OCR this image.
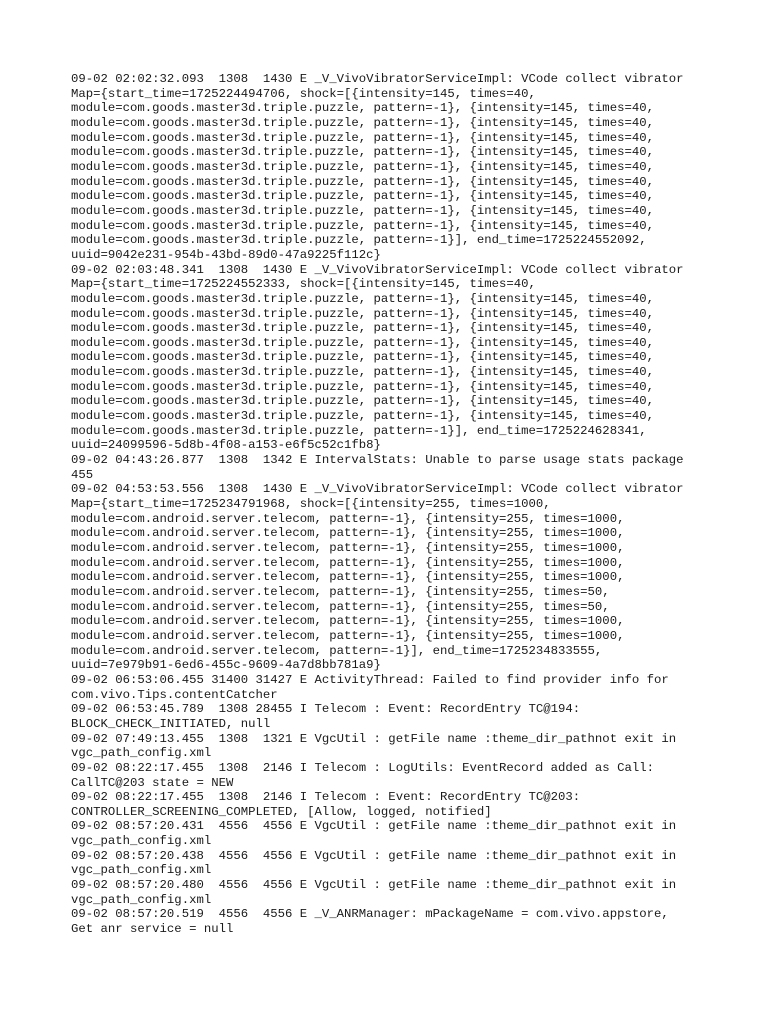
09-02 02:02:32.093  1308  1430 E _V_VivoVibratorServiceImpl: VCode collect vibrator
Map={start_time=1725224494706, shock=[{intensity=145, times=40,
module=com.goods.master3d.triple.puzzle, pattern=-1}, {intensity=145, times=40,
module=com.goods.master3d.triple.puzzle, pattern=-1}, {intensity=145, times=40,
module=com.goods.master3d.triple.puzzle, pattern=-1}, {intensity=145, times=40,
module=com.goods.master3d.triple.puzzle, pattern=-1}, {intensity=145, times=40,
module=com.goods.master3d.triple.puzzle, pattern=-1}, {intensity=145, times=40,
module=com.goods.master3d.triple.puzzle, pattern=-1}, {intensity=145, times=40,
module=com.goods.master3d.triple.puzzle, pattern=-1}, {intensity=145, times=40,
module=com.goods.master3d.triple.puzzle, pattern=-1}, {intensity=145, times=40,
module=com.goods.master3d.triple.puzzle, pattern=-1}, {intensity=145, times=40,
module=com.goods.master3d.triple.puzzle, pattern=-1}], end_time=1725224552092,
uuid=9042e231-954b-43bd-89d0-47a9225f112c}
09-02 02:03:48.341  1308  1430 E _V_VivoVibratorServiceImpl: VCode collect vibrator
Map={start_time=1725224552333, shock=[{intensity=145, times=40,
module=com.goods.master3d.triple.puzzle, pattern=-1}, {intensity=145, times=40,
module=com.goods.master3d.triple.puzzle, pattern=-1}, {intensity=145, times=40,
module=com.goods.master3d.triple.puzzle, pattern=-1}, {intensity=145, times=40,
module=com.goods.master3d.triple.puzzle, pattern=-1}, {intensity=145, times=40,
module=com.goods.master3d.triple.puzzle, pattern=-1}, {intensity=145, times=40,
module=com.goods.master3d.triple.puzzle, pattern=-1}, {intensity=145, times=40,
module=com.goods.master3d.triple.puzzle, pattern=-1}, {intensity=145, times=40,
module=com.goods.master3d.triple.puzzle, pattern=-1}, {intensity=145, times=40,
module=com.goods.master3d.triple.puzzle, pattern=-1}, {intensity=145, times=40,
module=com.goods.master3d.triple.puzzle, pattern=-1}], end_time=1725224628341,
uuid=24099596-5d8b-4f08-a153-e6f5c52c1fb8}
09-02 04:43:26.877  1308  1342 E IntervalStats: Unable to parse usage stats package
455
09-02 04:53:53.556  1308  1430 E _V_VivoVibratorServiceImpl: VCode collect vibrator
Map={start_time=1725234791968, shock=[{intensity=255, times=1000,
module=com.android.server.telecom, pattern=-1}, {intensity=255, times=1000,
module=com.android.server.telecom, pattern=-1}, {intensity=255, times=1000,
module=com.android.server.telecom, pattern=-1}, {intensity=255, times=1000,
module=com.android.server.telecom, pattern=-1}, {intensity=255, times=1000,
module=com.android.server.telecom, pattern=-1}, {intensity=255, times=1000,
module=com.android.server.telecom, pattern=-1}, {intensity=255, times=50,
module=com.android.server.telecom, pattern=-1}, {intensity=255, times=50,
module=com.android.server.telecom, pattern=-1}, {intensity=255, times=1000,
module=com.android.server.telecom, pattern=-1}, {intensity=255, times=1000,
module=com.android.server.telecom, pattern=-1}], end_time=1725234833555,
uuid=7e979b91-6ed6-455c-9609-4a7d8bb781a9}
09-02 06:53:06.455 31400 31427 E ActivityThread: Failed to find provider info for
com.vivo.Tips.contentCatcher
09-02 06:53:45.789  1308 28455 I Telecom : Event: RecordEntry TC@194:
BLOCK_CHECK_INITIATED, null
09-02 07:49:13.455  1308  1321 E VgcUtil : getFile name :theme_dir_pathnot exit in
vgc_path_config.xml
09-02 08:22:17.455  1308  2146 I Telecom : LogUtils: EventRecord added as Call:
CallTC@203 state = NEW
09-02 08:22:17.455  1308  2146 I Telecom : Event: RecordEntry TC@203:
CONTROLLER_SCREENING_COMPLETED, [Allow, logged, notified]
09-02 08:57:20.431  4556  4556 E VgcUtil : getFile name :theme_dir_pathnot exit in
vgc_path_config.xml
09-02 08:57:20.438  4556  4556 E VgcUtil : getFile name :theme_dir_pathnot exit in
vgc_path_config.xml
09-02 08:57:20.480  4556  4556 E VgcUtil : getFile name :theme_dir_pathnot exit in
vgc_path_config.xml
09-02 08:57:20.519  4556  4556 E _V_ANRManager: mPackageName = com.vivo.appstore,
Get anr service = null
